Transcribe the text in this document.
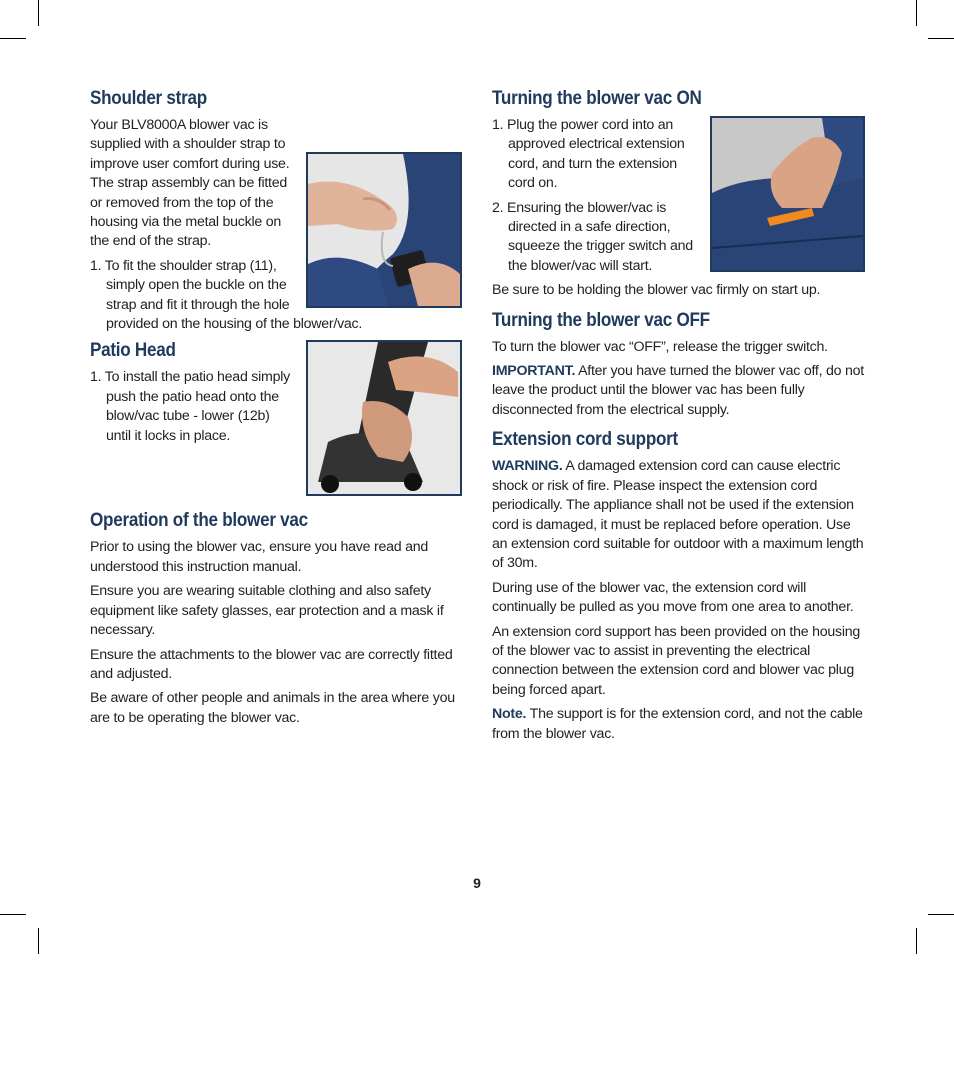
Shoulder strap

Your BLV8000A blower vac is supplied with a shoulder strap to improve user comfort during use. The strap assembly can be fitted or removed from the top of the housing via the metal buckle on the end of the strap.

1. To fit the shoulder strap (11), simply open the buckle on the strap and fit it through the hole provided on the housing of the blower/vac.

Patio Head

1. To install the patio head simply push the patio head onto the blow/vac tube - lower (12b) until it locks in place.

Operation of the blower vac

Prior to using the blower vac, ensure you have read and understood this instruction manual.

Ensure you are wearing suitable clothing and also safety equipment like safety glasses, ear protection and a mask if necessary.

Ensure the attachments to the blower vac are correctly fitted and adjusted.

Be aware of other people and animals in the area where you are to be operating the blower vac.

Turning the blower vac ON

1. Plug the power cord into an approved electrical extension cord, and turn the extension cord on.

2. Ensuring the blower/vac is directed in a safe direction, squeeze the trigger switch and the blower/vac will start.

Be sure to be holding the blower vac firmly on start up.

Turning the blower vac OFF

To turn the blower vac “OFF”, release the trigger switch.

IMPORTANT. After you have turned the blower vac off, do not leave the product until the blower vac has been fully disconnected from the electrical supply.

Extension cord support

WARNING. A damaged extension cord can cause electric shock or risk of fire. Please inspect the extension cord periodically. The appliance shall not be used if the extension cord is damaged, it must be replaced before operation. Use an extension cord suitable for outdoor with a maximum length of 30m.

During use of the blower vac, the extension cord will continually be pulled as you move from one area to another.

An extension cord support has been provided on the housing of the blower vac to assist in preventing the electrical connection between the extension cord and blower vac plug being forced apart.

Note. The support is for the extension cord, and not the cable from the blower vac.

9
